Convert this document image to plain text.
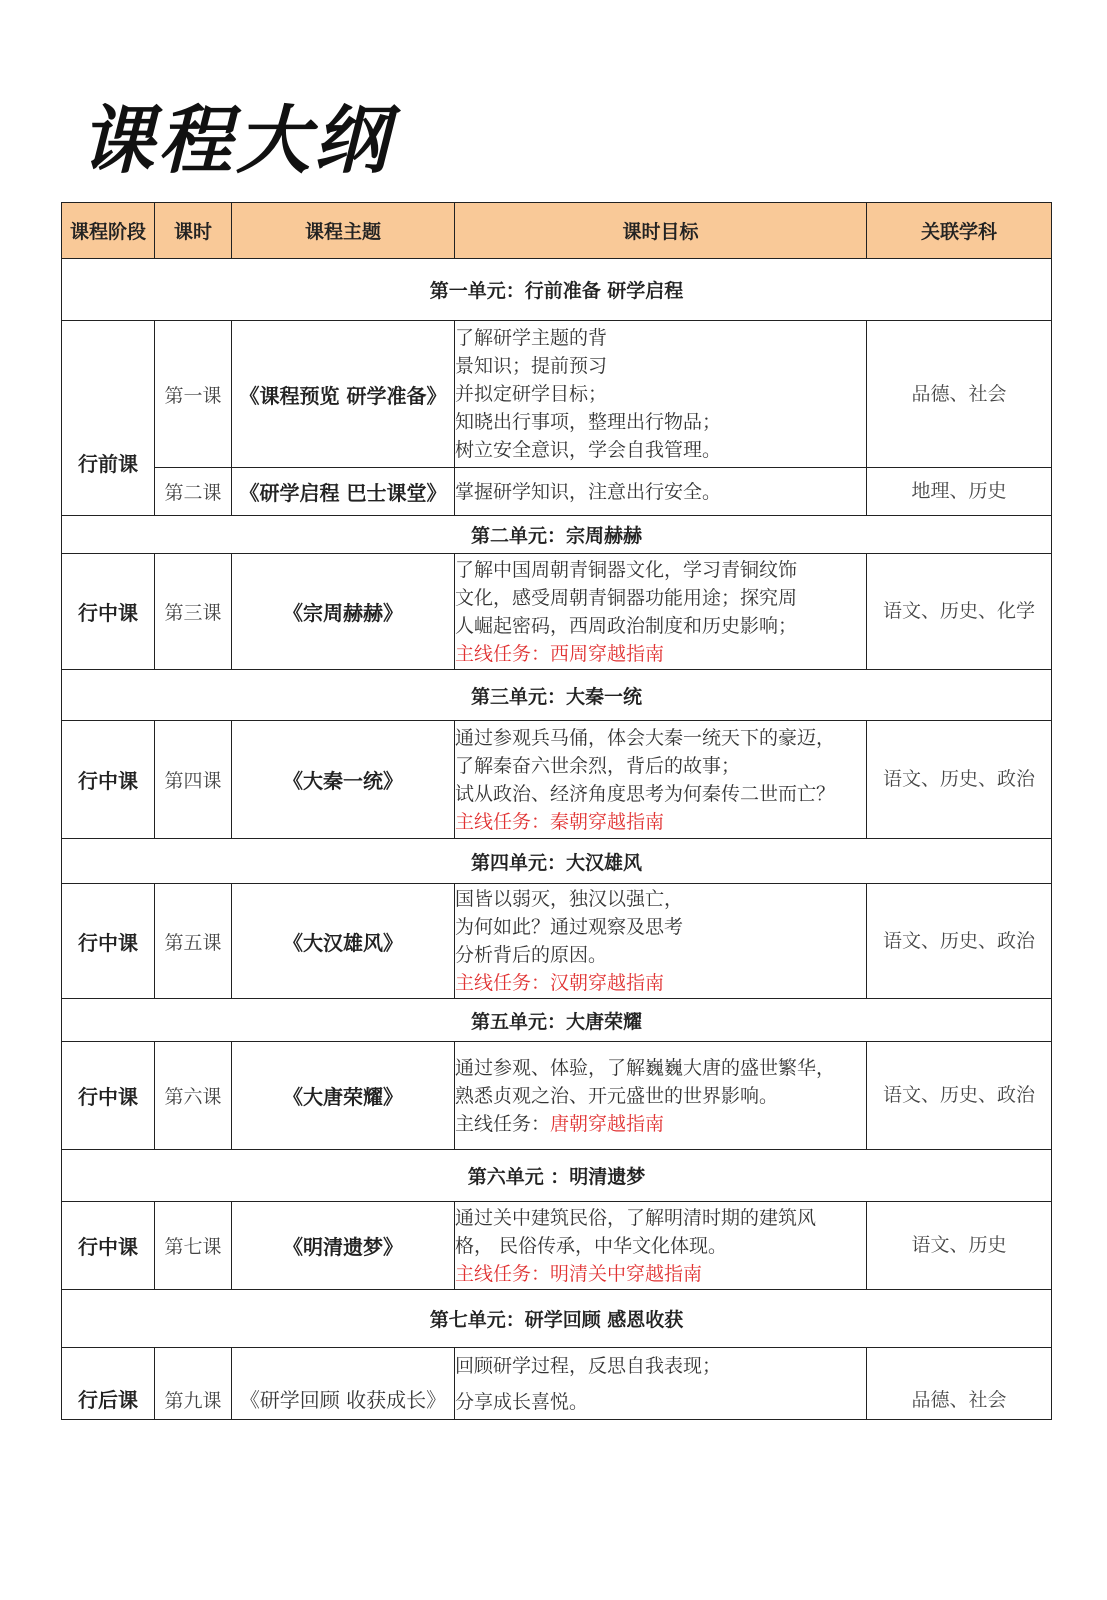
课程大纲
课程阶段	课时	课程主题	课时目标	关联学科
第一单元：行前准备 研学启程				
行前课	第一课	《课程预览 研学准备》	了解研学主题的背
景知识；提前预习
并拟定研学目标；
知晓出行事项，整理出行物品；
树立安全意识，学会自我管理。	品德、社会
	第二课	《研学启程 巴士课堂》	掌握研学知识，注意出行安全。	地理、历史
第二单元：宗周赫赫				
行中课	第三课	《宗周赫赫》	了解中国周朝青铜器文化，学习青铜纹饰
文化，感受周朝青铜器功能用途；探究周
人崛起密码，西周政治制度和历史影响；
主线任务：西周穿越指南	语文、历史、化学
第三单元：大秦一统				
行中课	第四课	《大秦一统》	通过参观兵马俑，体会大秦一统天下的豪迈，
了解秦奋六世余烈，背后的故事；
试从政治、经济角度思考为何秦传二世而亡？
主线任务：秦朝穿越指南	语文、历史、政治
第四单元：大汉雄风				
行中课	第五课	《大汉雄风》	国皆以弱灭，独汉以强亡，
为何如此？通过观察及思考
分析背后的原因。
主线任务：汉朝穿越指南	语文、历史、政治
第五单元：大唐荣耀				
行中课	第六课	《大唐荣耀》	通过参观、体验，了解巍巍大唐的盛世繁华，
熟悉贞观之治、开元盛世的世界影响。
主线任务：唐朝穿越指南	语文、历史、政治
第六单元 ：明清遗梦				
行中课	第七课	《明清遗梦》	通过关中建筑民俗，了解明清时期的建筑风
格， 民俗传承，中华文化体现。
主线任务：明清关中穿越指南	语文、历史
第七单元：研学回顾 感恩收获				
行后课	第九课	《研学回顾 收获成长》	回顾研学过程，反思自我表现；
分享成长喜悦。	品德、社会
